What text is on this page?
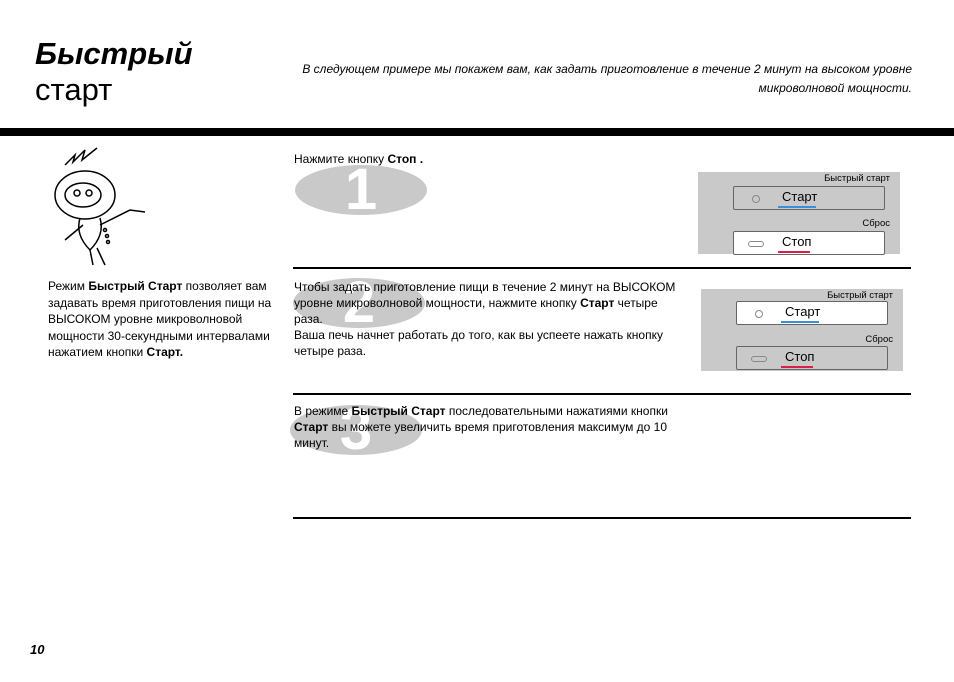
Быстрый
старт
В следующем примере мы покажем вам, как задать приготовление в течение 2 минут на высоком уровне микроволновой мощности.
Режим Быстрый Старт позволяет вам задавать время приготовления пищи на ВЫСОКОМ уровне микроволновой мощности 30-секундными интервалами нажатием кнопки Старт.
1
Нажмите кнопку Стоп .
Быстрый старт
Старт
Сброс
Стоп
2
Чтобы задать приготовление пищи в течение 2 минут на ВЫСОКОМ уровне микроволновой мощности, нажмите кнопку Старт четыре раза.
Ваша печь начнет работать до того, как вы успеете нажать кнопку четыре раза.
Быстрый старт
Старт
Сброс
Стоп
3
В режиме Быстрый Старт последовательными нажатиями кнопки Старт вы можете увеличить время приготовления максимум до 10 минут.
10
